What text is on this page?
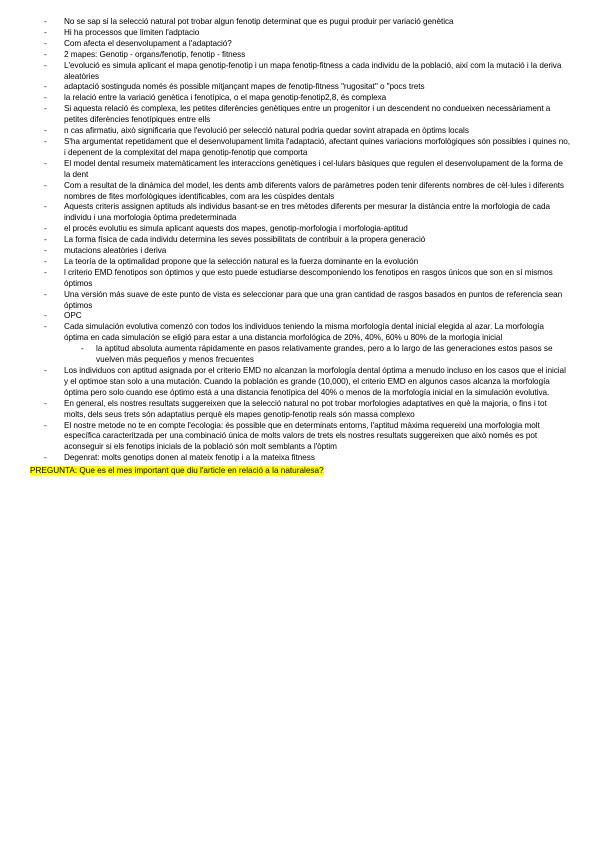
- No se sap si la selecció natural pot trobar algun fenotip determinat que es pugui produir per variació genètica
- Hi ha processos que limiten l'adptacio
- Com afecta el desenvolupament a l'adaptació?
- 2 mapes: Genotip - organs/fenotip, fenotip - fitness
- L'evolució es simula aplicant el mapa genotip-fenotip i un mapa fenotip-fitness a cada individu de la població, així com la mutació i la deriva aleatòries
- adaptació sostinguda només és possible mitjançant mapes de fenotip-fitness "rugositat" o "pocs trets
- la relació entre la variació genètica i fenotípica, o el mapa genotip-fenotip2,8, és complexa
- Si aquesta relació és complexa, les petites diferències genètiques entre un progenitor i un descendent no condueixen necessàriament a petites diferències fenotípiques entre ells
- n cas afirmatiu, això significaria que l'evolució per selecció natural podria quedar sovint atrapada en òptims locals
- S'ha argumentat repetidament que el desenvolupament limita l'adaptació, afectant quines variacions morfològiques són possibles i quines no, i depenent de la complexitat del mapa genotip-fenotip que comporta
- El model dental resumeix matemàticament les interaccions genètiques i cel·lulars bàsiques que regulen el desenvolupament de la forma de la dent
- Com a resultat de la dinàmica del model, les dents amb diferents valors de paràmetres poden tenir diferents nombres de cèl·lules i diferents nombres de fites morfològiques identificables, com ara les cúspides dentals
- Aquests criteris assignen aptituds als individus basant-se en tres mètodes diferents per mesurar la distància entre la morfologia de cada individu i una morfologia òptima predeterminada
- el procés evolutiu es simula aplicant aquests dos mapes, genotip-morfologia i morfologia-aptitud
- La forma física de cada individu determina les seves possibilitats de contribuir a la propera generació
- mutacions aleatòries i deriva
- La teoría de la optimalidad propone que la selección natural es la fuerza dominante en la evolución
- l criterio EMD fenotipos son óptimos y que esto puede estudiarse descomponiendo los fenotipos en rasgos únicos que son en sí mismos óptimos
- Una versión más suave de este punto de vista es seleccionar para que una gran cantidad de rasgos basados en puntos de referencia sean óptimos
- OPC
- Cada simulación evolutiva comenzó con todos los individuos teniendo la misma morfología dental inicial elegida al azar. La morfología óptima en cada simulación se eligió para estar a una distancia morfológica de 20%, 40%, 60% u 80% de la morlogia inicial
- la aptitud absoluta aumenta rápidamente en pasos relativamente grandes, pero a lo largo de las generaciones estos pasos se vuelven más pequeños y menos frecuentes
- Los individuos con aptitud asignada por el criterio EMD no alcanzan la morfología dental óptima a menudo incluso en los casos que el inicial y el optimoe stan solo a una mutación. Cuando la población es grande (10,000), el criterio EMD en algunos casos alcanza la morfología óptima pero solo cuando ese óptimo está a una distancia fenotípica del 40% o menos de la morfología inicial en la simulación evolutiva.
- En general, els nostres resultats suggereixen que la selecció natural no pot trobar morfologies adaptatives en què la majoria, o fins i tot molts, dels seus trets són adaptatius perquè els mapes genotip-fenotip reals són massa complexo
- El nostre metode no te en compte l'ecologia: és possible que en determinats entorns, l'aptitud màxima requereixi una morfologia molt específica caracteritzada per una combinació única de molts valors de trets els nostres resultats suggereixen que això només es pot aconseguir si els fenotips inicials de la població són molt semblants a l'òptim
- Degenrat: molts genotips donen al mateix fenotip i a la mateixa fitness
PREGUNTA: Que es el mes important que diu l'article en relació a la naturalesa?
